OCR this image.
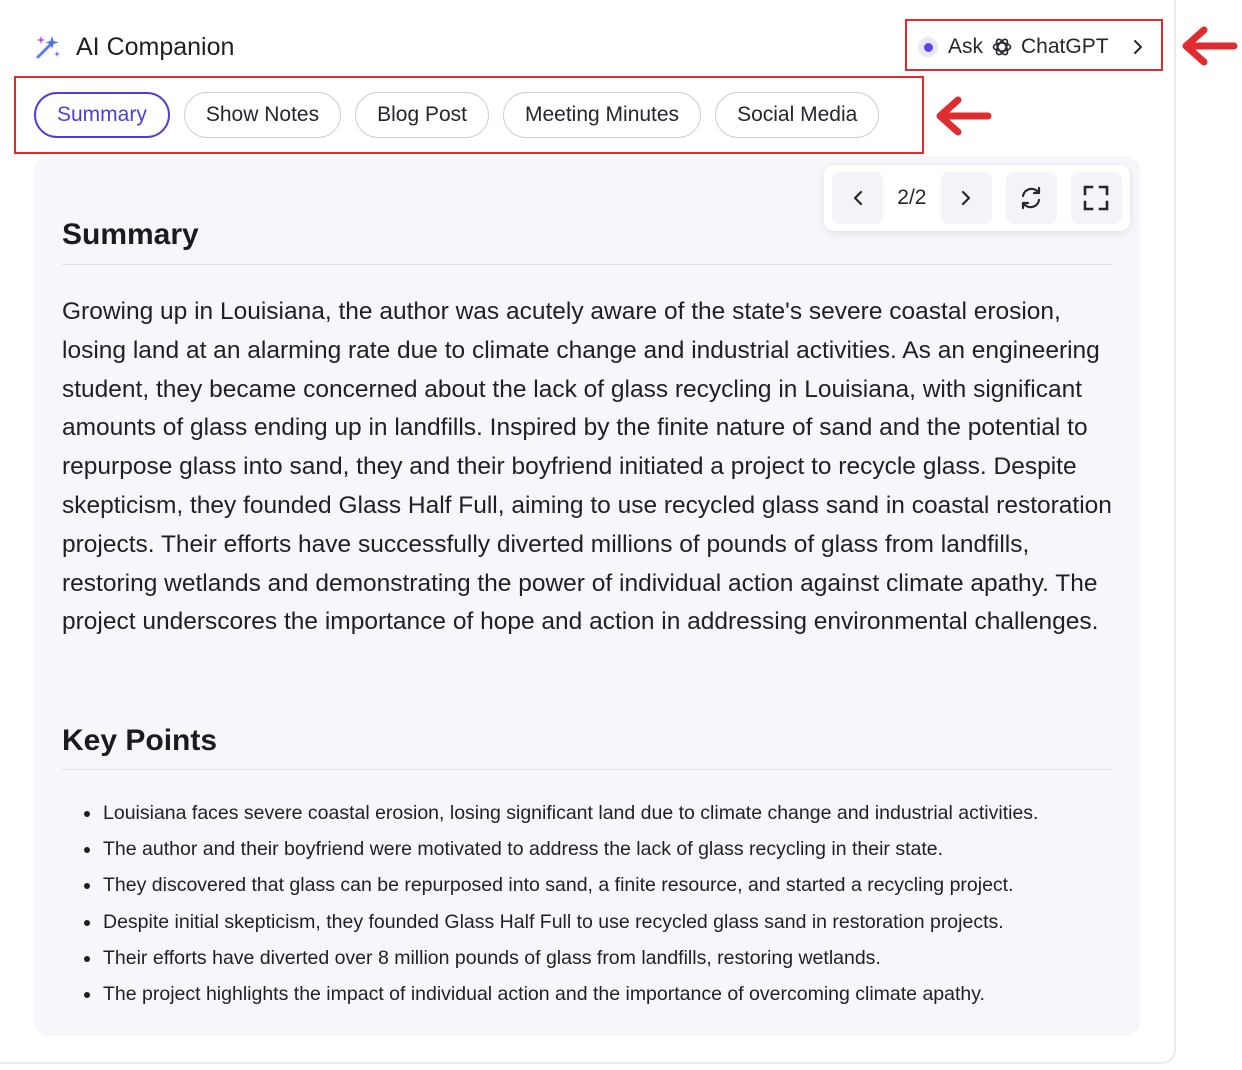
AI Companion	Ask ChatGPT
Summary	Show Notes	Blog Post	Meeting Minutes	Social Media
2/2
Summary

Growing up in Louisiana, the author was acutely aware of the state's severe coastal erosion, losing land at an alarming rate due to climate change and industrial activities. As an engineering student, they became concerned about the lack of glass recycling in Louisiana, with significant amounts of glass ending up in landfills. Inspired by the finite nature of sand and the potential to repurpose glass into sand, they and their boyfriend initiated a project to recycle glass. Despite skepticism, they founded Glass Half Full, aiming to use recycled glass sand in coastal restoration projects. Their efforts have successfully diverted millions of pounds of glass from landfills, restoring wetlands and demonstrating the power of individual action against climate apathy. The project underscores the importance of hope and action in addressing environmental challenges.

Key Points
Louisiana faces severe coastal erosion, losing significant land due to climate change and industrial activities.
The author and their boyfriend were motivated to address the lack of glass recycling in their state.
They discovered that glass can be repurposed into sand, a finite resource, and started a recycling project.
Despite initial skepticism, they founded Glass Half Full to use recycled glass sand in restoration projects.
Their efforts have diverted over 8 million pounds of glass from landfills, restoring wetlands.
The project highlights the impact of individual action and the importance of overcoming climate apathy.
